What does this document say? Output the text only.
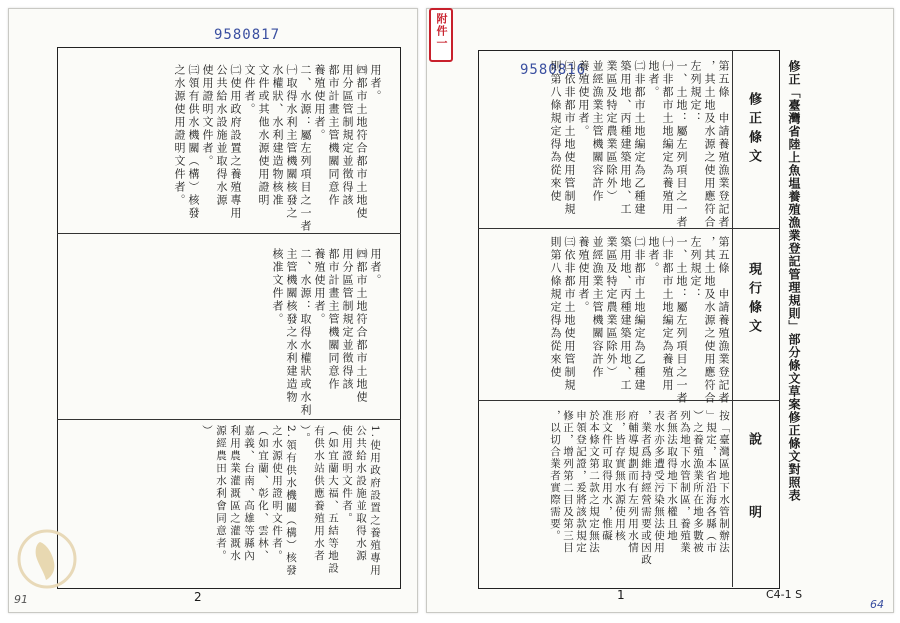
9580817
用者。
㈣都市土地符合都市土地使
用分區管制規定並徵得該
都市計畫主管機關同意作
養殖使用者。
二、水源：屬左列項目之一者
㈠取得水利主管機關核發之
水權狀、水利建造物核准
文件或其他水源使用證明
文件者。
㈡使用政府設置之養殖專用
公共給水設施並取得水源
使用證明文件者。
㈢領有供水機關（構）核發
之水源使用證明文件者。
用者。
㈣都市土地符合都市土地使
用分區管制規定並徵得該
都市計畫主管機關同意作
養殖使用者。
二、水源：取得水權狀或水利
主管機關核發之水利建造物
核准文件者。
1.使用政府設置之養殖專用
公共給水設施並取得水源
使用證明文件者。
（如宜蘭大福、五結等地設
有供水站供應養殖用水者
）。
2.領有供水機關（構）核發
之水源使用證明文件者。
（如宜蘭、彰化、雲林、
嘉義、台南、高雄等縣內
利用農業灌溉區之灌溉水
源經農田水利會同意者。
）
2
91
附件一
9580816
修正條文
現行條文
說明
修正「臺灣省陸上魚塭養殖漁業登記管理規則」部分條文草案修正條文對照表
第五條　申請養殖漁業登記者
，其土地及水源之使用應符合
左列規定：
一、土地：屬左列項目之一者
㈠非都市土地編定為養殖用
地者。
㈡非都市土地編定為乙種建
築用地、丙種建築用地、工
業區及特定農業區除外）
並經漁業主管機關容許作
養殖使用者。
㈢依非都市土地使用管制規
則第八條規定得為從來使
第五條　申請養殖漁業登記者
，其土地及水源之使用應符合
左列規定：
一、土地：屬左列項目之一者
㈠非都市土地編定為養殖用
地者。
㈡非都市土地編定為乙種建
築用地、丙種建築用地、工
業區及特定農業區除外）
並經漁業主管機關容許作
養殖使用者。
㈢依非都市土地使用管制規
則第八條規定得為從來使
按「臺灣區地下水管制辦法
」規定，本省沿海各縣（市
）之養殖漁業所在地多數被
列為地下水管制區，養殖業
者無法取得地下水權且地
表水亦多遭受污染無法使用
，業者爲維持經營需要或因政
府輔導規劃而有左列用水情
形，皆存實無水源使用核
准文件可取得用水，惟礙
於本條文第二款之規定無法
申領登記證，爰將該款規定
修正，增列第二目及第三目
，以切合業者實際需要。
1	C4-1 S
64
